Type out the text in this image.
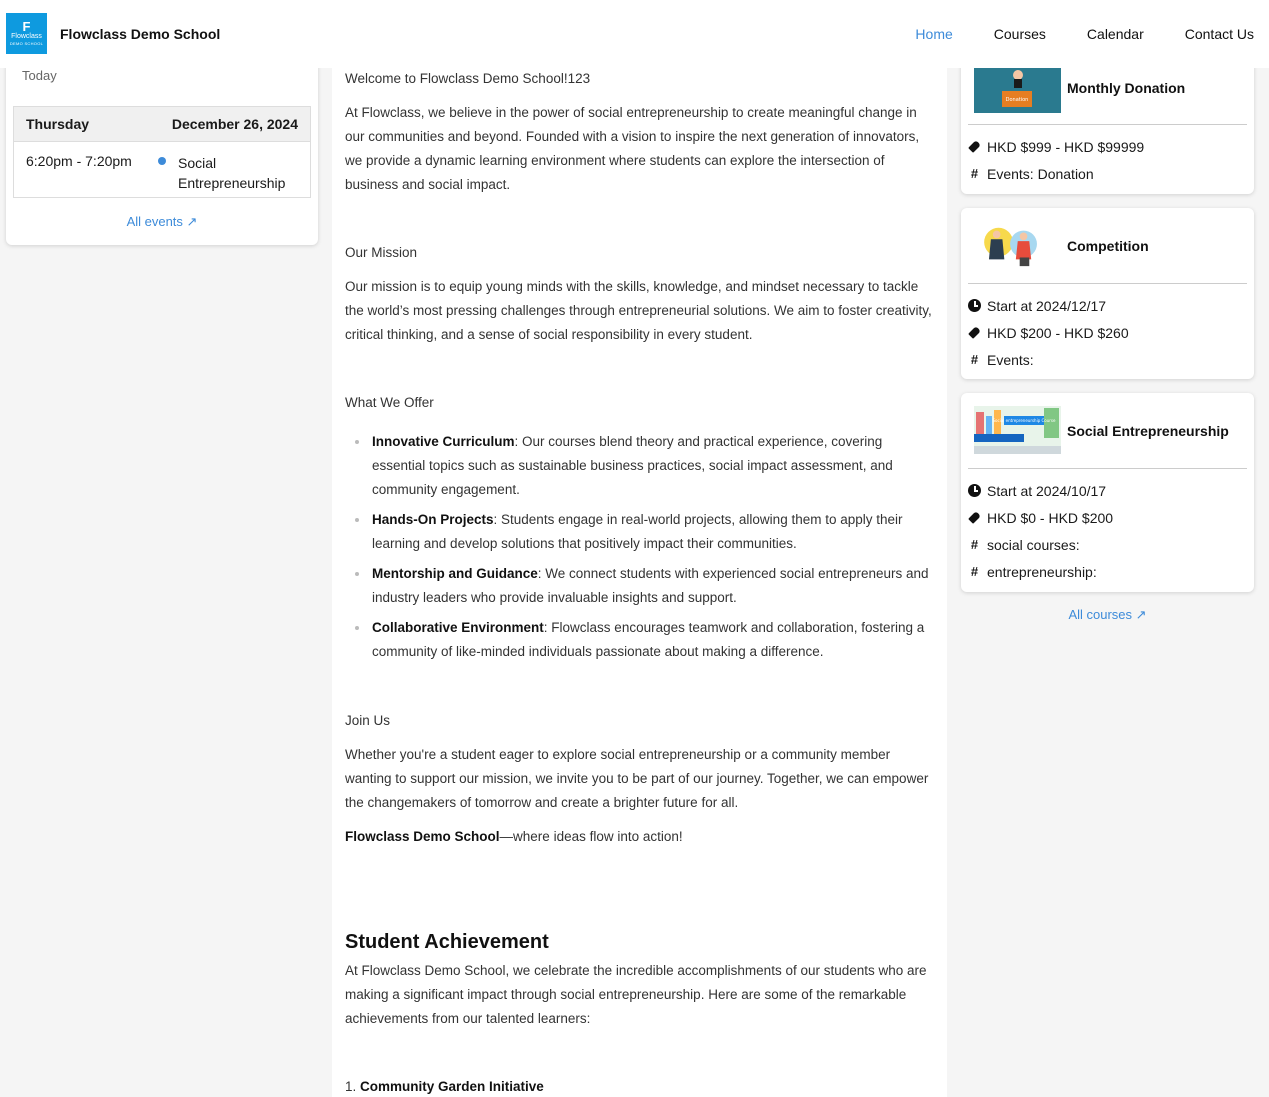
F
Flowclass
DEMO SCHOOL
Flowclass Demo School	Home	Courses	Calendar	Contact Us
Today
Thursday	December 26, 2024
6:20pm - 7:20pm	Social Entrepreneurship
All events ↗

Welcome to Flowclass Demo School!123

At Flowclass, we believe in the power of social entrepreneurship to create meaningful change in our communities and beyond. Founded with a vision to inspire the next generation of innovators, we provide a dynamic learning environment where students can explore the intersection of business and social impact.

Our Mission

Our mission is to equip young minds with the skills, knowledge, and mindset necessary to tackle the world’s most pressing challenges through entrepreneurial solutions. We aim to foster creativity, critical thinking, and a sense of social responsibility in every student.

What We Offer

Innovative Curriculum: Our courses blend theory and practical experience, covering essential topics such as sustainable business practices, social impact assessment, and community engagement.
Hands-On Projects: Students engage in real-world projects, allowing them to apply their learning and develop solutions that positively impact their communities.
Mentorship and Guidance: We connect students with experienced social entrepreneurs and industry leaders who provide invaluable insights and support.
Collaborative Environment: Flowclass encourages teamwork and collaboration, fostering a community of like-minded individuals passionate about making a difference.

Join Us

Whether you're a student eager to explore social entrepreneurship or a community member wanting to support our mission, we invite you to be part of our journey. Together, we can empower the changemakers of tomorrow and create a brighter future for all.

Flowclass Demo School—where ideas flow into action!

Student Achievement

At Flowclass Demo School, we celebrate the incredible accomplishments of our students who are making a significant impact through social entrepreneurship. Here are some of the remarkable achievements from our talented learners:

1. Community Garden Initiative

Donation
Monthly Donation
HKD $999 - HKD $99999
# Events: Donation
Competition
Start at 2024/12/17
HKD $200 - HKD $260
# Events:
Social entrepreneurship Course
Social Entrepreneurship
Start at 2024/10/17
HKD $0 - HKD $200
# social courses:
# entrepreneurship:
All courses ↗
